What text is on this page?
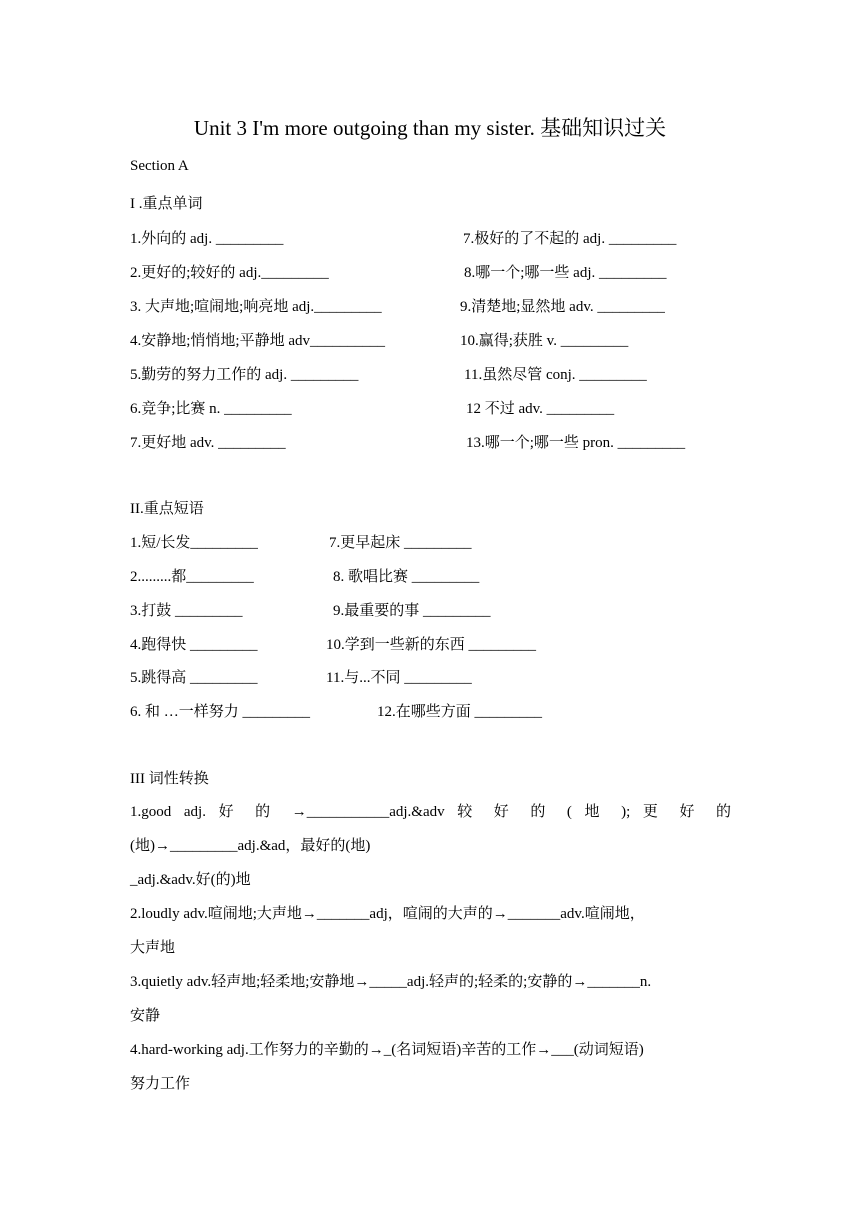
Unit 3 I'm more outgoing than my sister. 基础知识过关
Section A
I .重点单词
1.外向的 adj. _________
2.更好的;较好的 adj._________
3. 大声地;喧闹地;响亮地 adj._________
4.安静地;悄悄地;平静地 adv__________
5.勤劳的努力工作的 adj. _________
6.竞争;比赛 n. _________
7.更好地 adv. _________
7.极好的了不起的 adj. _________
8.哪一个;哪一些 adj. _________
9.清楚地;显然地 adv. _________
10.赢得;获胜 v. _________
11.虽然尽管 conj. _________
12 不过 adv. _________
13.哪一个;哪一些 pron. _________
II.重点短语
1.短/长发_________
2.........都_________
3.打鼓 _________
4.跑得快 _________
5.跳得高 _________
6. 和 …一样努力 _________
7.更早起床 _________
8. 歌唱比赛 _________
9.最重要的事 _________
10.学到一些新的东西 _________
11.与...不同 _________
12.在哪些方面 _________
III 词性转换
1.good adj. 好 的 →___________adj.&adv 较 好 的 ( 地 ); 更 好 的
(地)→_________adj.&ad，最好的(地)
_adj.&adv.好(的)地
2.loudly adv.喧闹地;大声地→_______adj，喧闹的大声的→_______adv.喧闹地，
大声地
3.quietly adv.轻声地;轻柔地;安静地→_____adj.轻声的;轻柔的;安静的→_______n.
安静
4.hard-working adj.工作努力的辛勤的→_(名词短语)辛苦的工作→___(动词短语)
努力工作
